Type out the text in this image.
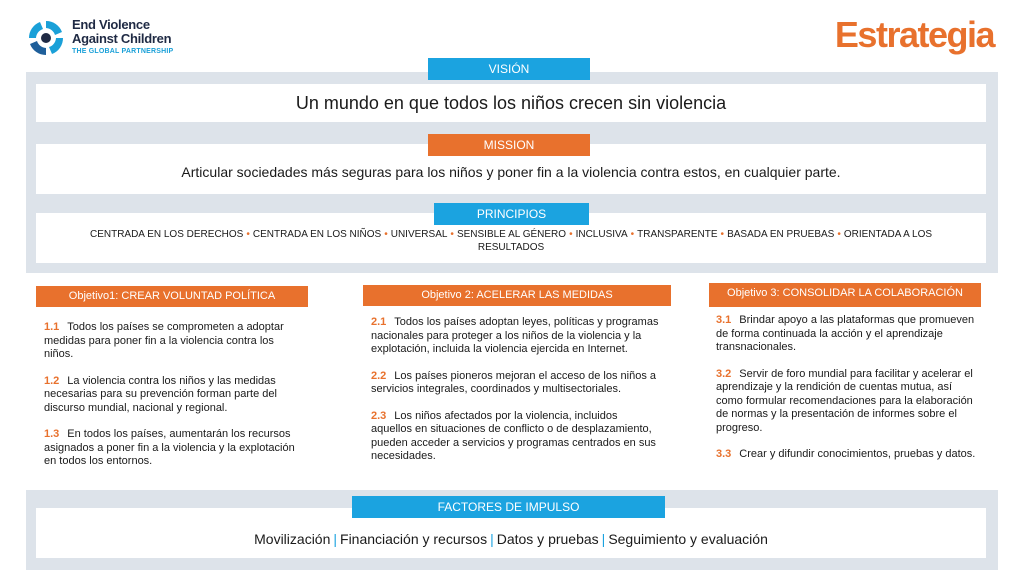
End Violence
Against Children
THE GLOBAL PARTNERSHIP	Estrategia
VISIÓN
Un mundo en que todos los niños crecen sin violencia
MISSION
Articular sociedades más seguras para los niños y poner fin a la violencia contra estos, en cualquier parte.
PRINCIPIOS
CENTRADA EN LOS DERECHOS • CENTRADA EN LOS NIÑOS • UNIVERSAL • SENSIBLE AL GÉNERO • INCLUSIVA • TRANSPARENTE • BASADA EN PRUEBAS • ORIENTADA A LOS RESULTADOS
Objetivo1: CREAR VOLUNTAD POLÍTICA

1.1 Todos los países se comprometen a adoptar medidas para poner fin a la violencia contra los niños.

1.2 La violencia contra los niños y las medidas necesarias para su prevención forman parte del discurso mundial, nacional y regional.

1.3 En todos los países, aumentarán los recursos asignados a poner fin a la violencia y la explotación en todos los entornos.

Objetivo 2: ACELERAR LAS MEDIDAS

2.1 Todos los países adoptan leyes, políticas y programas nacionales para proteger a los niños de la violencia y la explotación, incluida la violencia ejercida en Internet.

2.2 Los países pioneros mejoran el acceso de los niños a servicios integrales, coordinados y multisectoriales.

2.3 Los niños afectados por la violencia, incluidos aquellos en situaciones de conflicto o de desplazamiento, pueden acceder a servicios y programas centrados en sus necesidades.

Objetivo 3: CONSOLIDAR LA COLABORACIÓN

3.1 Brindar apoyo a las plataformas que promueven de forma continuada la acción y el aprendizaje transnacionales.

3.2 Servir de foro mundial para facilitar y acelerar el aprendizaje y la rendición de cuentas mutua, así como formular recomendaciones para la elaboración de normas y la presentación de informes sobre el progreso.

3.3 Crear y difundir conocimientos, pruebas y datos.

FACTORES DE IMPULSO
Movilización | Financiación y recursos | Datos y pruebas | Seguimiento y evaluación
